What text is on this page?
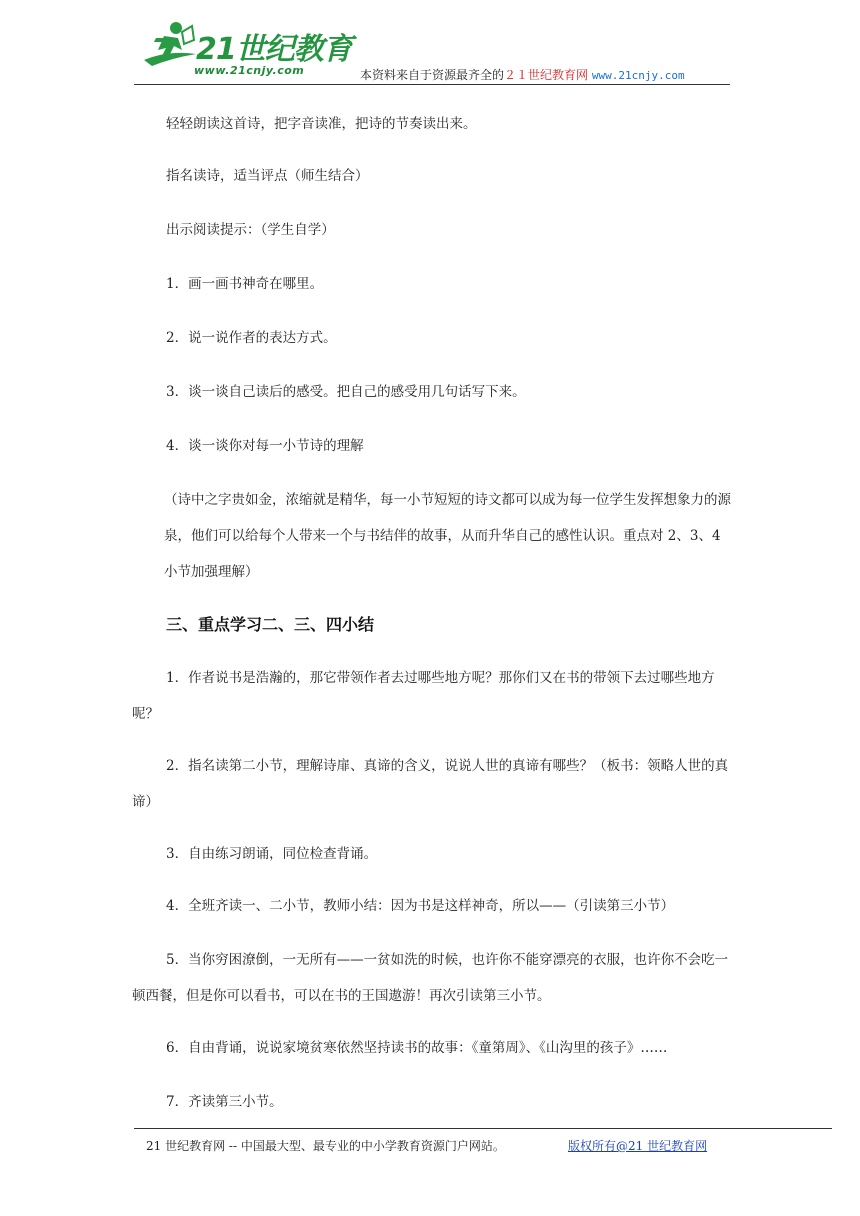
21世纪教育
www.21cnjy.com	本资料来自于资源最齐全的２１世纪教育网 www.21cnjy.com
轻轻朗读这首诗，把字音读准，把诗的节奏读出来。
指名读诗，适当评点（师生结合）
出示阅读提示：（学生自学）
1．画一画书神奇在哪里。
2．说一说作者的表达方式。
3．谈一谈自己读后的感受。把自己的感受用几句话写下来。
4．谈一谈你对每一小节诗的理解
（诗中之字贵如金，浓缩就是精华，每一小节短短的诗文都可以成为每一位学生发挥想象力的源泉，他们可以给每个人带来一个与书结伴的故事，从而升华自己的感性认识。重点对 2、3、4 小节加强理解）
三、重点学习二、三、四小结
1．作者说书是浩瀚的，那它带领作者去过哪些地方呢？那你们又在书的带领下去过哪些地方呢？
2．指名读第二小节，理解诗扉、真谛的含义，说说人世的真谛有哪些？（板书：领略人世的真谛）
3．自由练习朗诵，同位检查背诵。
4．全班齐读一、二小节，教师小结：因为书是这样神奇，所以——（引读第三小节）
5．当你穷困潦倒，一无所有——一贫如洗的时候，也许你不能穿漂亮的衣服，也许你不会吃一顿西餐，但是你可以看书，可以在书的王国遨游！再次引读第三小节。
6．自由背诵，说说家境贫寒依然坚持读书的故事：《童第周》、《山沟里的孩子》……
7．齐读第三小节。
21 世纪教育网 -- 中国最大型、最专业的中小学教育资源门户网站。	版权所有@21 世纪教育网
